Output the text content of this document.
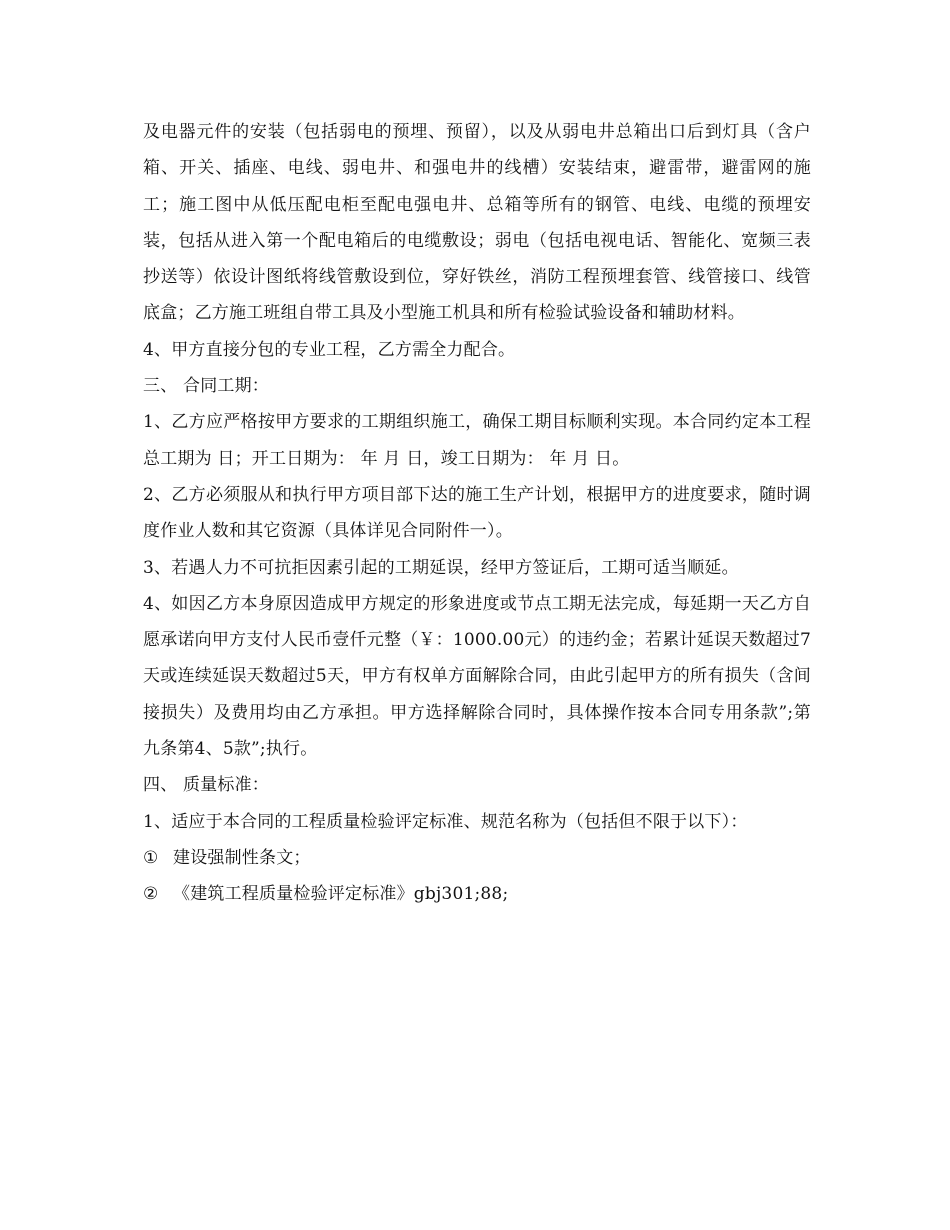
及电器元件的安装（包括弱电的预埋、预留），以及从弱电井总箱出口后到灯具（含户箱、开关、插座、电线、弱电井、和强电井的线槽）安装结束，避雷带，避雷网的施工；施工图中从低压配电柜至配电强电井、总箱等所有的钢管、电线、电缆的预埋安装，包括从进入第一个配电箱后的电缆敷设；弱电（包括电视电话、智能化、宽频三表抄送等）依设计图纸将线管敷设到位，穿好铁丝，消防工程预埋套管、线管接口、线管底盒；乙方施工班组自带工具及小型施工机具和所有检验试验设备和辅助材料。

4、甲方直接分包的专业工程，乙方需全力配合。

三、 合同工期：

1、乙方应严格按甲方要求的工期组织施工，确保工期目标顺利实现。本合同约定本工程总工期为 日；开工日期为： 年 月 日，竣工日期为： 年 月 日。

2、乙方必须服从和执行甲方项目部下达的施工生产计划，根据甲方的进度要求，随时调度作业人数和其它资源（具体详见合同附件一）。

3、若遇人力不可抗拒因素引起的工期延误，经甲方签证后，工期可适当顺延。

4、如因乙方本身原因造成甲方规定的形象进度或节点工期无法完成，每延期一天乙方自愿承诺向甲方支付人民币壹仟元整（￥：1000.00元）的违约金；若累计延误天数超过7天或连续延误天数超过5天，甲方有权单方面解除合同，由此引起甲方的所有损失（含间接损失）及费用均由乙方承担。甲方选择解除合同时，具体操作按本合同专用条款”;第九条第4、5款”;执行。

四、 质量标准：

1、适应于本合同的工程质量检验评定标准、规范名称为（包括但不限于以下）：

① 建设强制性条文；
② 《建筑工程质量检验评定标准》gbj301;88;
